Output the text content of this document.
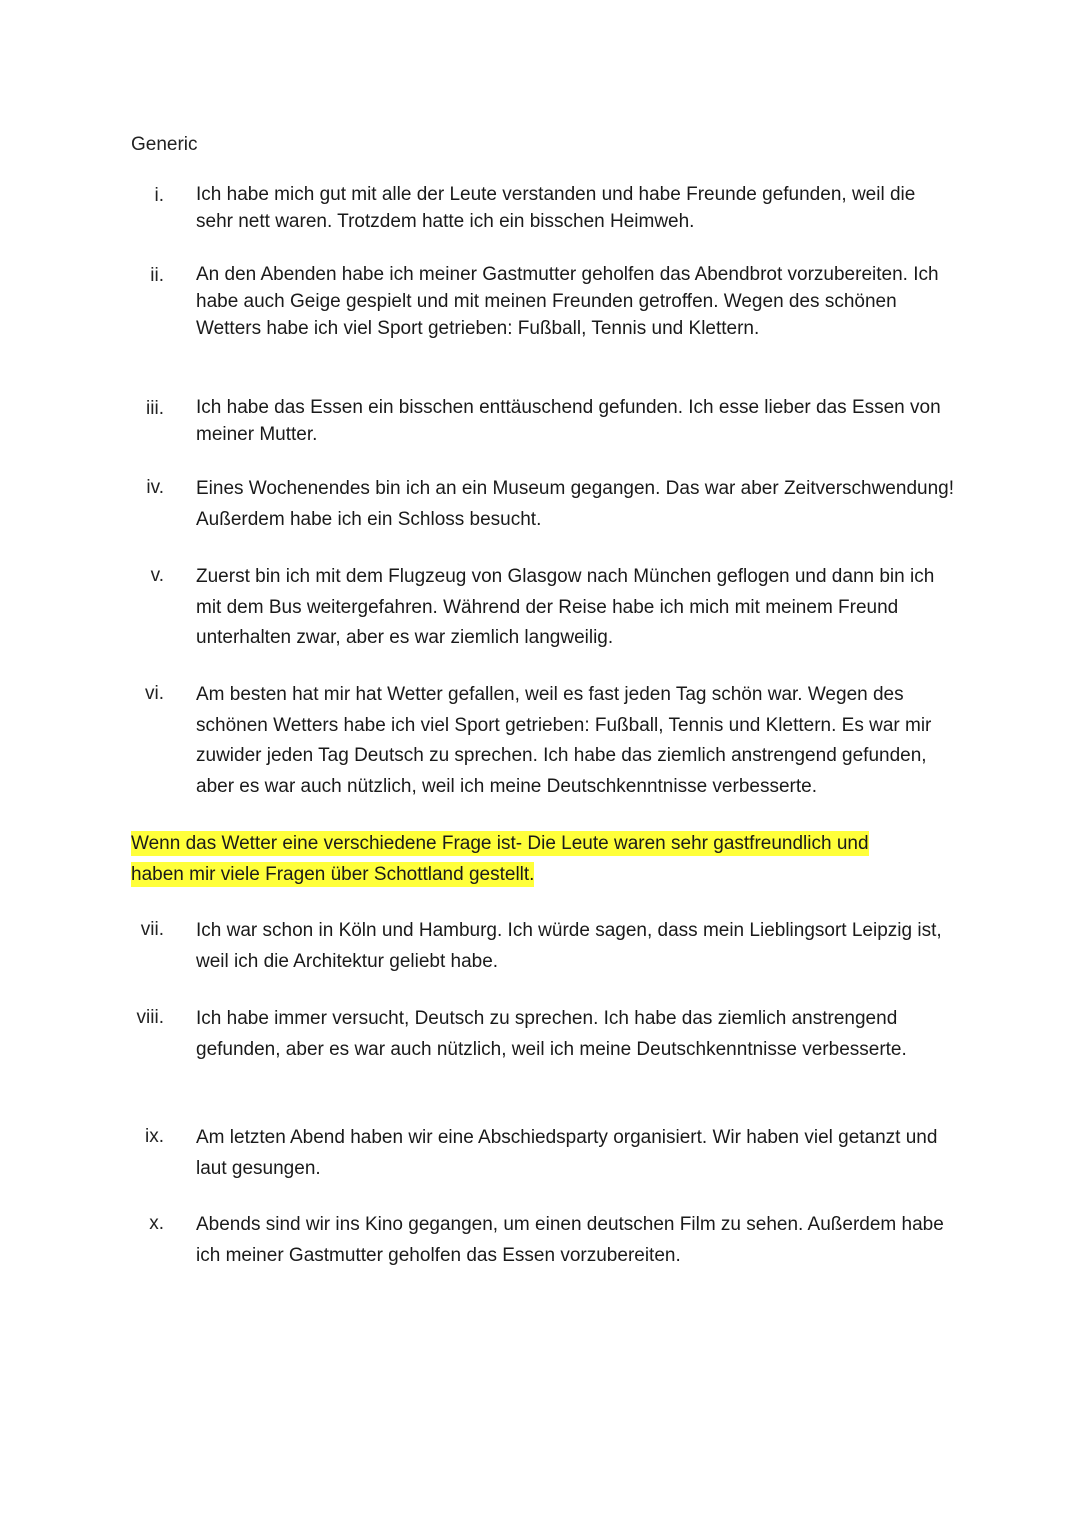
Generic
i. Ich habe mich gut mit alle der Leute verstanden und habe Freunde gefunden, weil die sehr nett waren. Trotzdem hatte ich ein bisschen Heimweh.
ii. An den Abenden habe ich meiner Gastmutter geholfen das Abendbrot vorzubereiten. Ich habe auch Geige gespielt und mit meinen Freunden getroffen. Wegen des schönen Wetters habe ich viel Sport getrieben: Fußball, Tennis und Klettern.
iii. Ich habe das Essen ein bisschen enttäuschend gefunden. Ich esse lieber das Essen von meiner Mutter.
iv. Eines Wochenendes bin ich an ein Museum gegangen. Das war aber Zeitverschwendung! Außerdem habe ich ein Schloss besucht.
v. Zuerst bin ich mit dem Flugzeug von Glasgow nach München geflogen und dann bin ich mit dem Bus weitergefahren. Während der Reise habe ich mich mit meinem Freund unterhalten zwar, aber es war ziemlich langweilig.
vi. Am besten hat mir hat Wetter gefallen, weil es fast jeden Tag schön war. Wegen des schönen Wetters habe ich viel Sport getrieben: Fußball, Tennis und Klettern. Es war mir zuwider jeden Tag Deutsch zu sprechen. Ich habe das ziemlich anstrengend gefunden, aber es war auch nützlich, weil ich meine Deutschkenntnisse verbesserte.
Wenn das Wetter eine verschiedene Frage ist- Die Leute waren sehr gastfreundlich und
haben mir viele Fragen über Schottland gestellt.
vii. Ich war schon in Köln und Hamburg. Ich würde sagen, dass mein Lieblingsort Leipzig ist, weil ich die Architektur geliebt habe.
viii. Ich habe immer versucht, Deutsch zu sprechen. Ich habe das ziemlich anstrengend gefunden, aber es war auch nützlich, weil ich meine Deutschkenntnisse verbesserte.
ix. Am letzten Abend haben wir eine Abschiedsparty organisiert. Wir haben viel getanzt und laut gesungen.
x. Abends sind wir ins Kino gegangen, um einen deutschen Film zu sehen. Außerdem habe ich meiner Gastmutter geholfen das Essen vorzubereiten.
